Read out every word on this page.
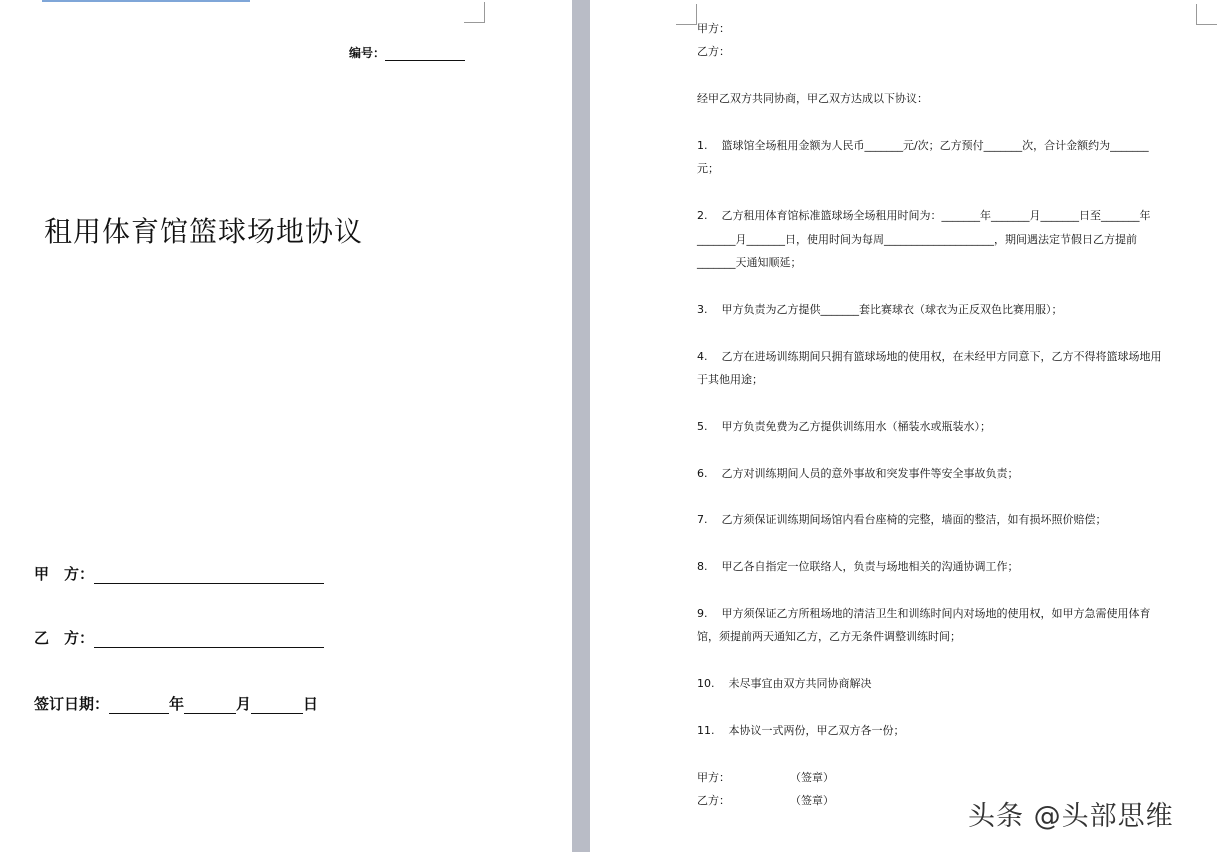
编号：
租用体育馆篮球场地协议
甲　方：
乙　方：
签订日期：	年	月	日

甲方：

乙方：

经甲乙双方共同协商，甲乙双方达成以下协议：

1.    篮球馆全场租用金额为人民币_______元/次；乙方预付_______次，合计金额约为_______
元；
2.    乙方租用体育馆标准篮球场全场租用时间为：_______年_______月_______日至_______年
_______月_______日，使用时间为每周____________________，期间遇法定节假日乙方提前
_______天通知顺延；
3.    甲方负责为乙方提供_______套比赛球衣（球衣为正反双色比赛用服）；
4.    乙方在进场训练期间只拥有篮球场地的使用权，在未经甲方同意下，乙方不得将篮球场地用
于其他用途；
5.    甲方负责免费为乙方提供训练用水（桶装水或瓶装水）；
6.    乙方对训练期间人员的意外事故和突发事件等安全事故负责；
7.    乙方须保证训练期间场馆内看台座椅的完整，墙面的整洁，如有损坏照价赔偿；
8.    甲乙各自指定一位联络人，负责与场地相关的沟通协调工作；
9.    甲方须保证乙方所租场地的清洁卫生和训练时间内对场地的使用权，如甲方急需使用体育
馆，须提前两天通知乙方，乙方无条件调整训练时间；
10.    未尽事宜由双方共同协商解决
11.    本协议一式两份，甲乙双方各一份；

甲方：	（签章）

乙方：	（签章）

头条 @头部思维
